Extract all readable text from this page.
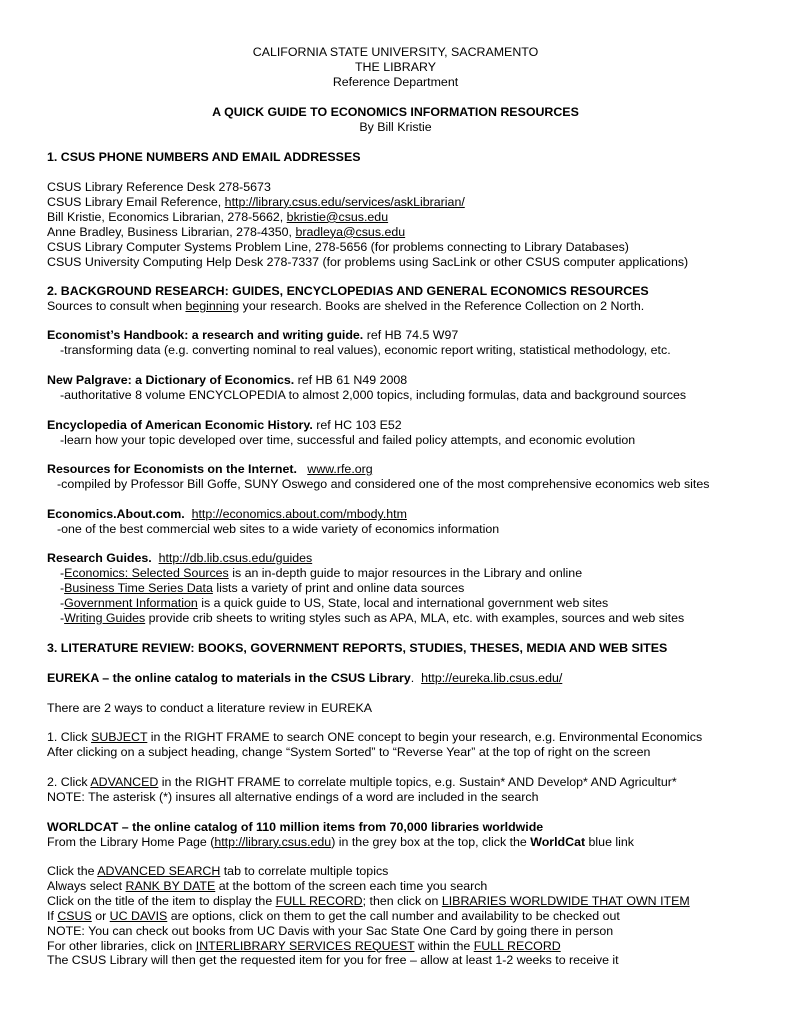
CALIFORNIA STATE UNIVERSITY, SACRAMENTO
THE LIBRARY
Reference Department
A QUICK GUIDE TO ECONOMICS INFORMATION RESOURCES
By Bill Kristie
1. CSUS PHONE NUMBERS AND EMAIL ADDRESSES
CSUS Library Reference Desk 278-5673
CSUS Library Email Reference, http://library.csus.edu/services/askLibrarian/
Bill Kristie, Economics Librarian, 278-5662, bkristie@csus.edu
Anne Bradley, Business Librarian, 278-4350, bradleya@csus.edu
CSUS Library Computer Systems Problem Line, 278-5656 (for problems connecting to Library Databases)
CSUS University Computing Help Desk 278-7337 (for problems using SacLink or other CSUS computer applications)
2. BACKGROUND RESEARCH: GUIDES, ENCYCLOPEDIAS AND GENERAL ECONOMICS RESOURCES
Sources to consult when beginning your research. Books are shelved in the Reference Collection on 2 North.
Economist’s Handbook: a research and writing guide. ref HB 74.5 W97
-transforming data (e.g. converting nominal to real values), economic report writing, statistical methodology, etc.
New Palgrave: a Dictionary of Economics. ref HB 61 N49 2008
-authoritative 8 volume ENCYCLOPEDIA to almost 2,000 topics, including formulas, data and background sources
Encyclopedia of American Economic History. ref HC 103 E52
-learn how your topic developed over time, successful and failed policy attempts, and economic evolution
Resources for Economists on the Internet. www.rfe.org
-compiled by Professor Bill Goffe, SUNY Oswego and considered one of the most comprehensive economics web sites
Economics.About.com. http://economics.about.com/mbody.htm
-one of the best commercial web sites to a wide variety of economics information
Research Guides. http://db.lib.csus.edu/guides
-Economics: Selected Sources is an in-depth guide to major resources in the Library and online
-Business Time Series Data lists a variety of print and online data sources
-Government Information is a quick guide to US, State, local and international government web sites
-Writing Guides provide crib sheets to writing styles such as APA, MLA, etc. with examples, sources and web sites
3. LITERATURE REVIEW: BOOKS, GOVERNMENT REPORTS, STUDIES, THESES, MEDIA AND WEB SITES
EUREKA – the online catalog to materials in the CSUS Library.  http://eureka.lib.csus.edu/
There are 2 ways to conduct a literature review in EUREKA
1. Click SUBJECT in the RIGHT FRAME to search ONE concept to begin your research, e.g. Environmental Economics
After clicking on a subject heading, change “System Sorted” to “Reverse Year” at the top of right on the screen
2. Click ADVANCED in the RIGHT FRAME to correlate multiple topics, e.g. Sustain* AND Develop* AND Agricultur*
NOTE: The asterisk (*) insures all alternative endings of a word are included in the search
WORLDCAT – the online catalog of 110 million items from 70,000 libraries worldwide
From the Library Home Page (http://library.csus.edu) in the grey box at the top, click the WorldCat blue link
Click the ADVANCED SEARCH tab to correlate multiple topics
Always select RANK BY DATE at the bottom of the screen each time you search
Click on the title of the item to display the FULL RECORD; then click on LIBRARIES WORLDWIDE THAT OWN ITEM
If CSUS or UC DAVIS are options, click on them to get the call number and availability to be checked out
NOTE: You can check out books from UC Davis with your Sac State One Card by going there in person
For other libraries, click on INTERLIBRARY SERVICES REQUEST within the FULL RECORD
The CSUS Library will then get the requested item for you for free – allow at least 1-2 weeks to receive it
